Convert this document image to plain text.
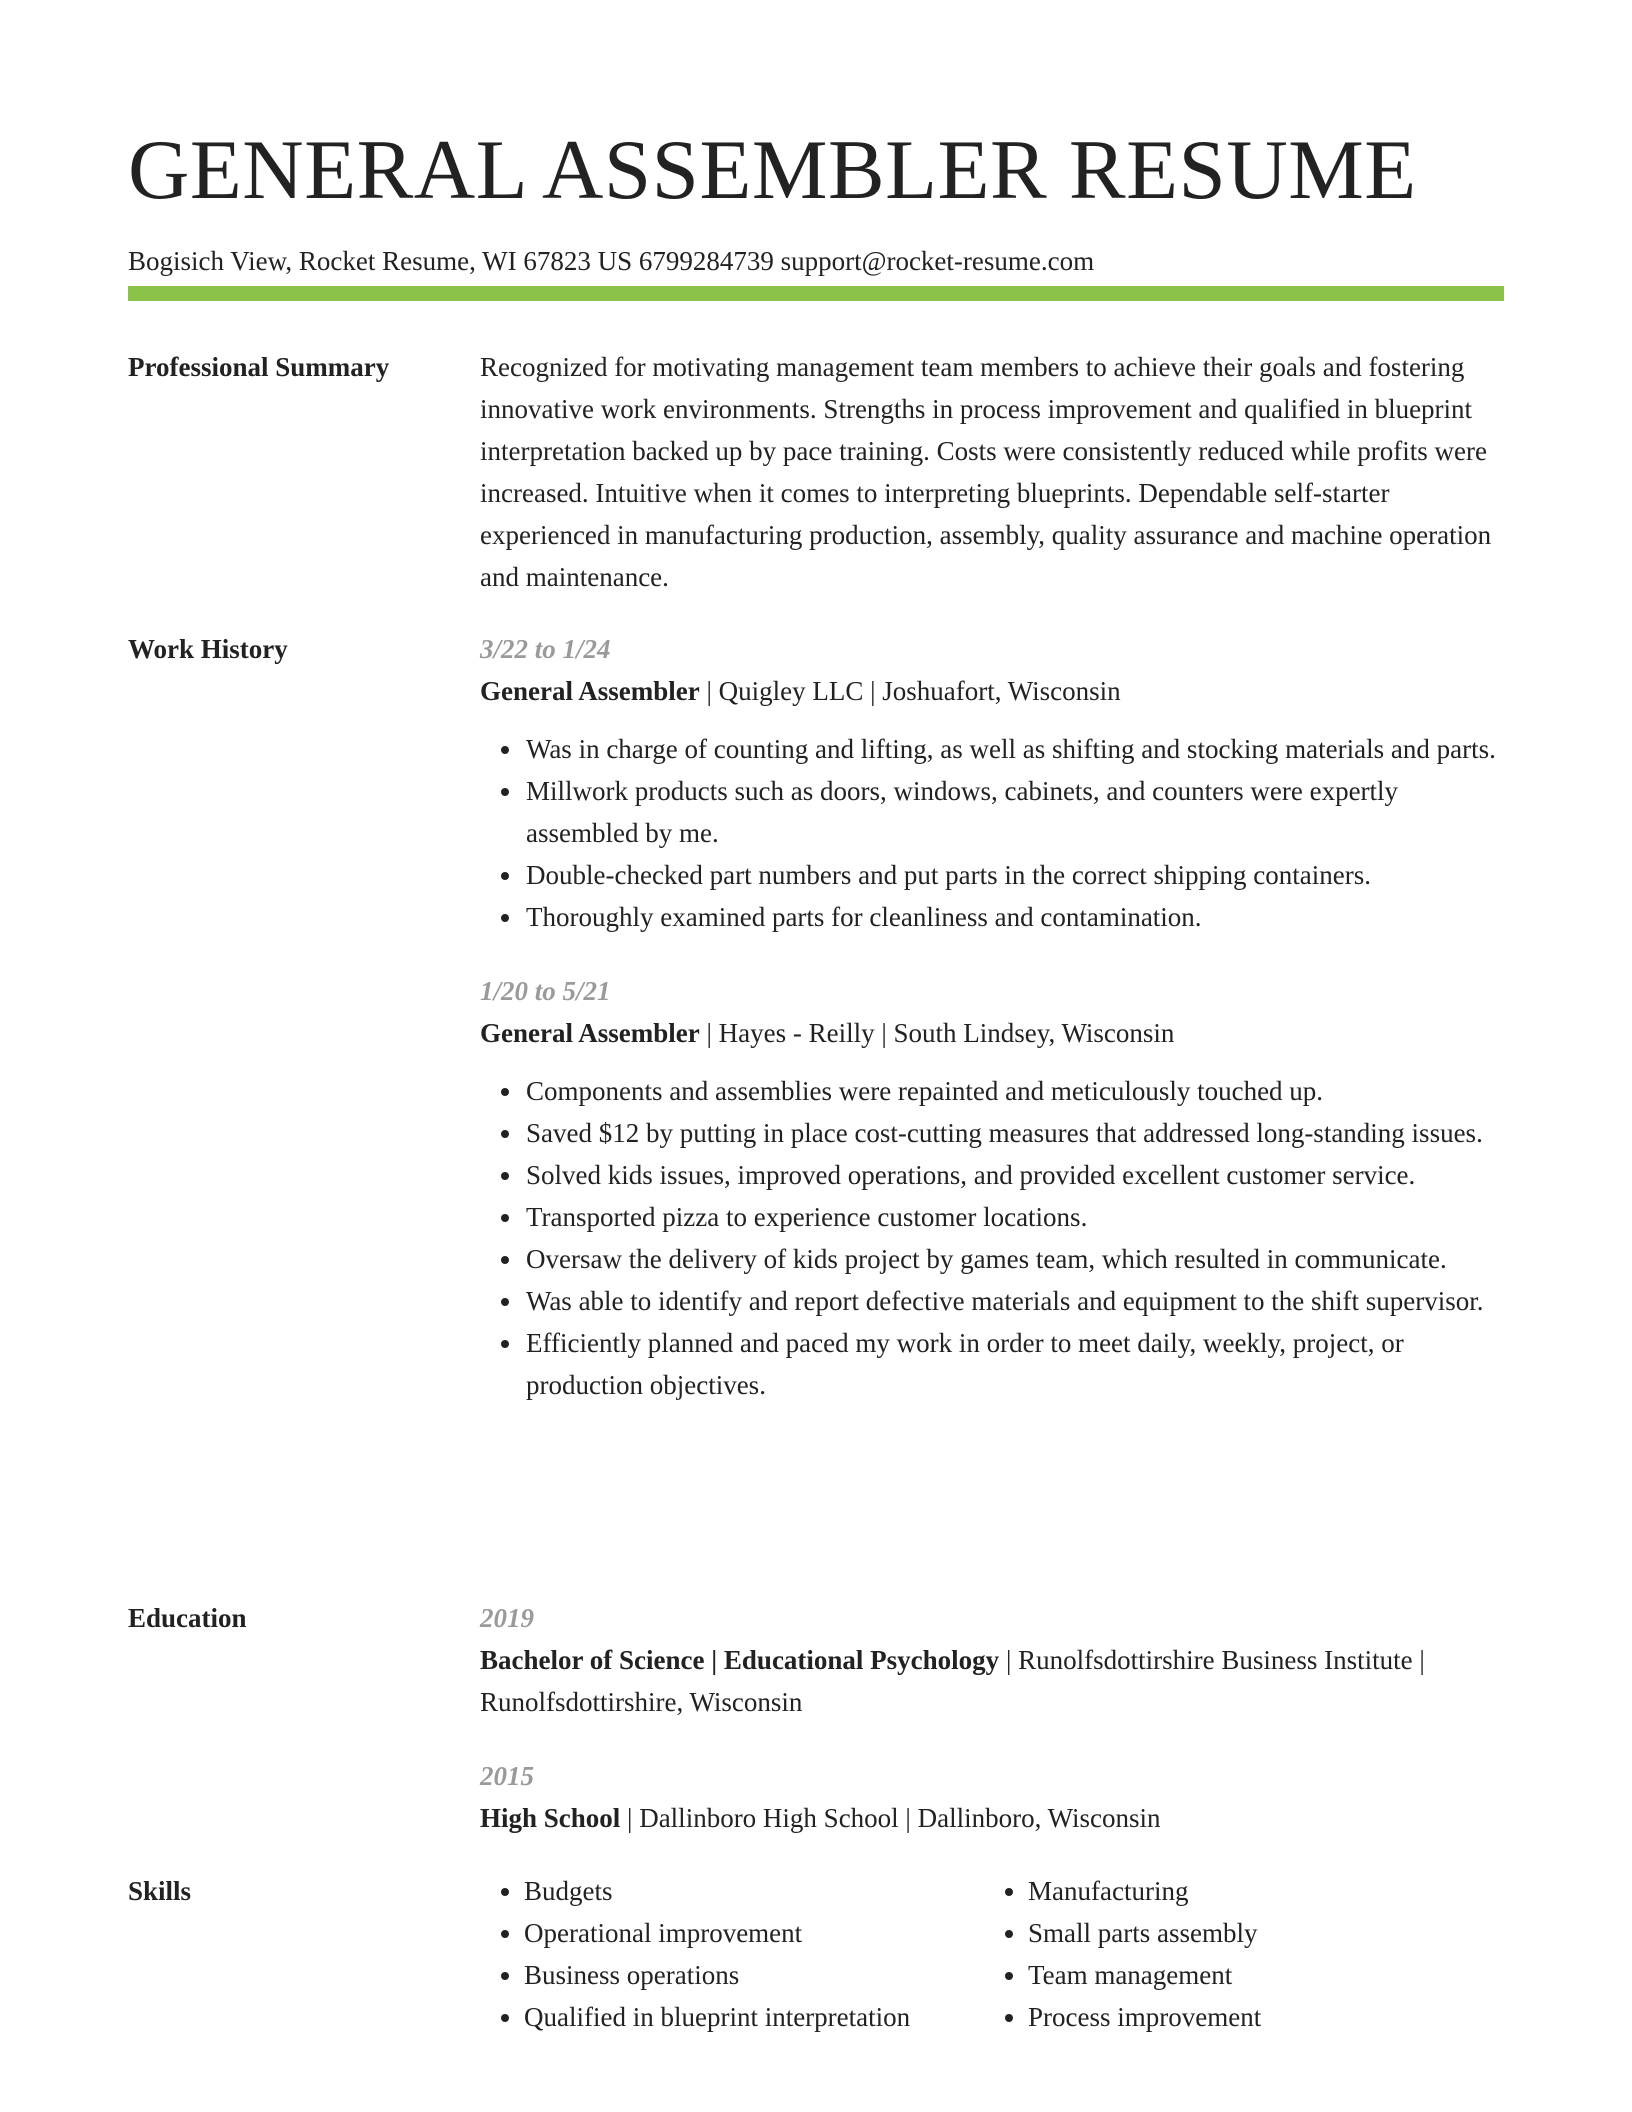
GENERAL ASSEMBLER RESUME
Bogisich View, Rocket Resume, WI 67823 US 6799284739 support@rocket-resume.com
Professional Summary	Recognized for motivating management team members to achieve their goals and fostering innovative work environments. Strengths in process improvement and qualified in blueprint interpretation backed up by pace training. Costs were consistently reduced while profits were increased. Intuitive when it comes to interpreting blueprints. Dependable self-starter experienced in manufacturing production, assembly, quality assurance and machine operation and maintenance.

Work History	3/22 to 1/24
General Assembler | Quigley LLC | Joshuafort, Wisconsin
• Was in charge of counting and lifting, as well as shifting and stocking materials and parts.
• Millwork products such as doors, windows, cabinets, and counters were expertly assembled by me.
• Double-checked part numbers and put parts in the correct shipping containers.
• Thoroughly examined parts for cleanliness and contamination.
1/20 to 5/21
General Assembler | Hayes - Reilly | South Lindsey, Wisconsin
• Components and assemblies were repainted and meticulously touched up.
• Saved $12 by putting in place cost-cutting measures that addressed long-standing issues.
• Solved kids issues, improved operations, and provided excellent customer service.
• Transported pizza to experience customer locations.
• Oversaw the delivery of kids project by games team, which resulted in communicate.
• Was able to identify and report defective materials and equipment to the shift supervisor.
• Efficiently planned and paced my work in order to meet daily, weekly, project, or production objectives.
Education	2019
Bachelor of Science | Educational Psychology | Runolfsdottirshire Business Institute | Runolfsdottirshire, Wisconsin
2015
High School | Dallinboro High School | Dallinboro, Wisconsin
Skills
•	Budgets
• Operational improvement
• Business operations
• Qualified in blueprint interpretation
• Manufacturing
• Small parts assembly
• Team management
• Process improvement
